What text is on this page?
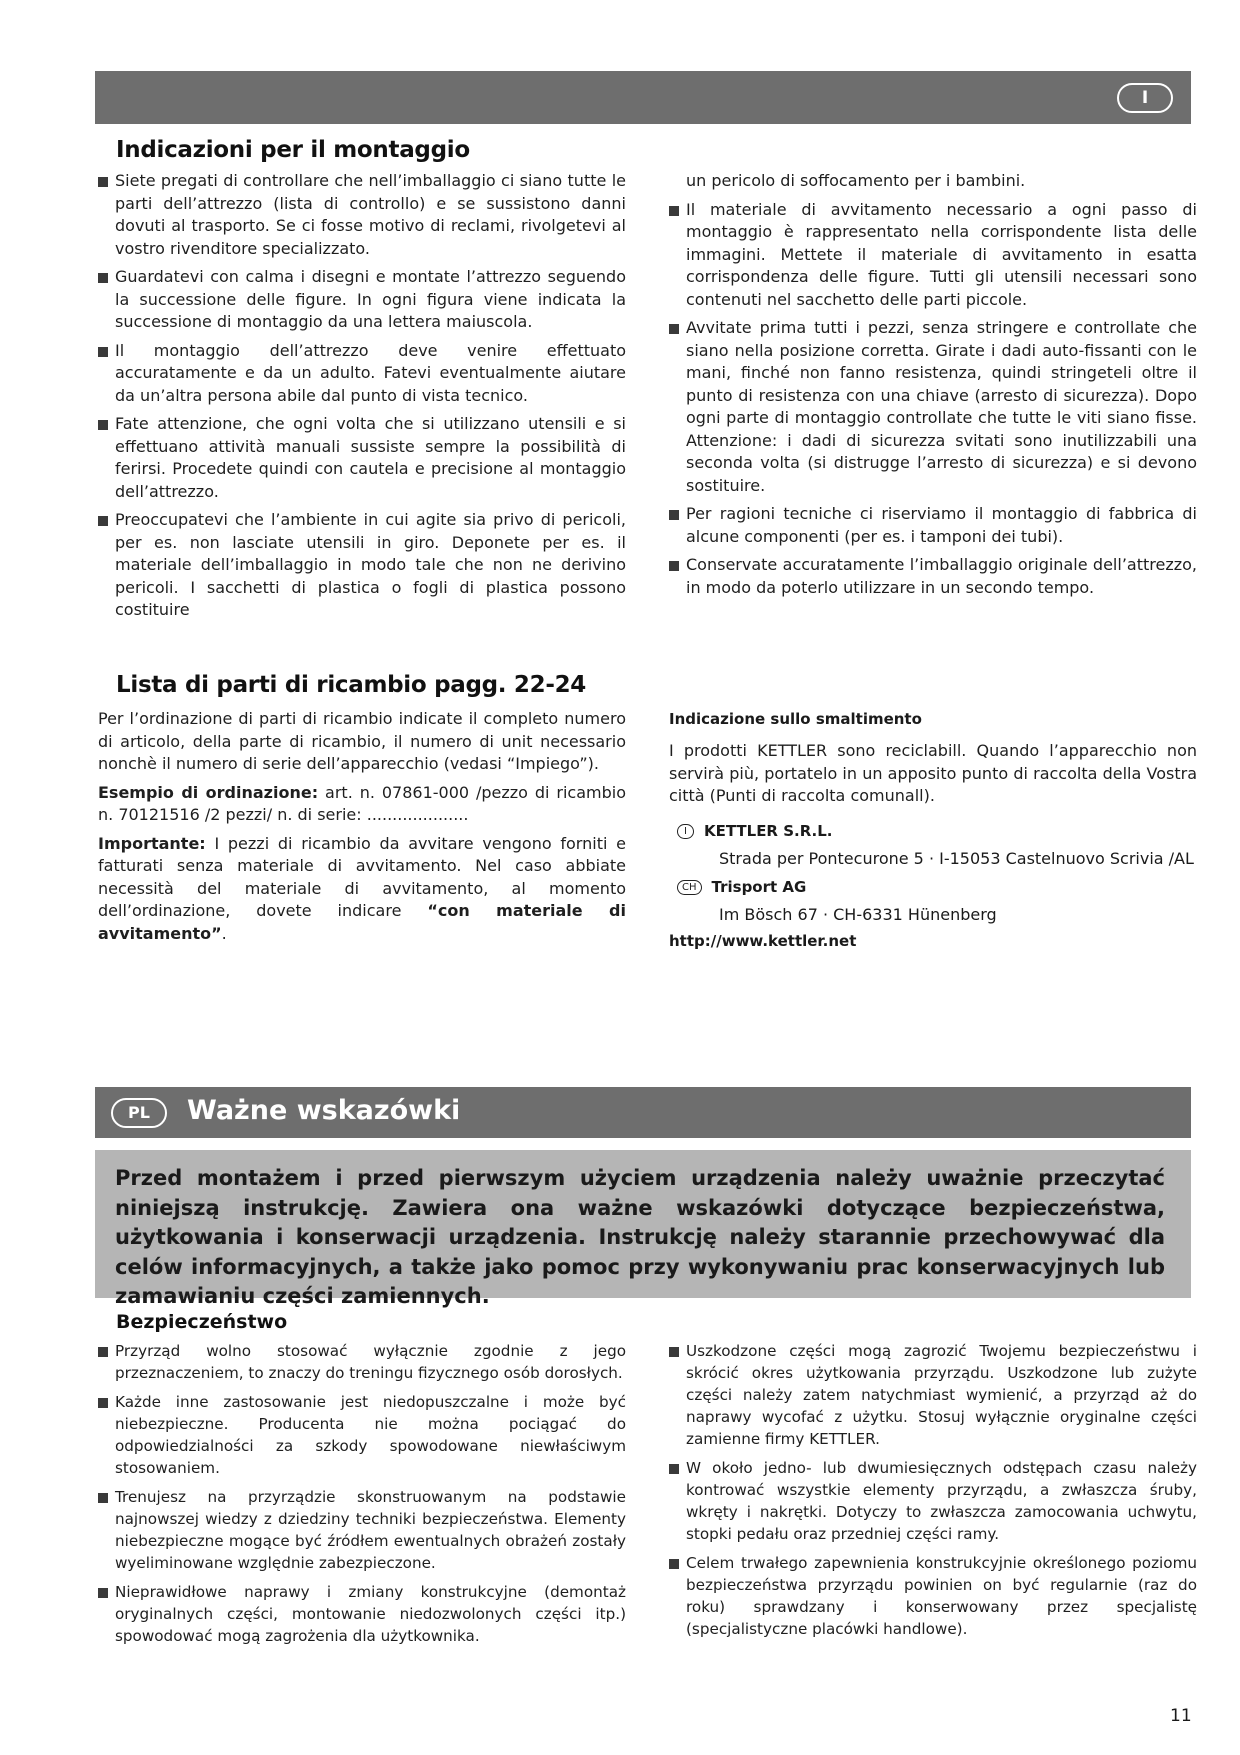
I
Indicazioni per il montaggio
Siete pregati di controllare che nell’imballaggio ci siano tutte le parti dell’attrezzo (lista di controllo) e se sussistono danni dovuti al trasporto. Se ci fosse motivo di reclami, rivolgetevi al vostro rivenditore specializzato.
Guardatevi con calma i disegni e montate l’attrezzo seguendo la successione delle figure. In ogni figura viene indicata la successione di montaggio da una lettera maiuscola.
Il montaggio dell’attrezzo deve venire effettuato accuratamente e da un adulto. Fatevi eventualmente aiutare da un’altra persona abile dal punto di vista tecnico.
Fate attenzione, che ogni volta che si utilizzano utensili e si effettuano attività manuali sussiste sempre la possibilità di ferirsi. Procedete quindi con cautela e precisione al montaggio dell’attrezzo.
Preoccupatevi che l’ambiente in cui agite sia privo di pericoli, per es. non lasciate utensili in giro. Deponete per es. il materiale dell’imballaggio in modo tale che non ne derivino pericoli. I sacchetti di plastica o fogli di plastica possono costituire

un pericolo di soffocamento per i bambini.

Il materiale di avvitamento necessario a ogni passo di montaggio è rappresentato nella corrispondente lista delle immagini. Mettete il materiale di avvitamento in esatta corrispondenza delle figure. Tutti gli utensili necessari sono contenuti nel sacchetto delle parti piccole.
Avvitate prima tutti i pezzi, senza stringere e controllate che siano nella posizione corretta. Girate i dadi auto-fissanti con le mani, finché non fanno resistenza, quindi stringeteli oltre il punto di resistenza con una chiave (arresto di sicurezza). Dopo ogni parte di montaggio controllate che tutte le viti siano fisse. Attenzione: i dadi di sicurezza svitati sono inutilizzabili una seconda volta (si distrugge l’arresto di sicurezza) e si devono sostituire.
Per ragioni tecniche ci riserviamo il montaggio di fabbrica di alcune componenti (per es. i tamponi dei tubi).
Conservate accuratamente l’imballaggio originale dell’attrezzo, in modo da poterlo utilizzare in un secondo tempo.
Lista di parti di ricambio pagg. 22-24

Per l’ordinazione di parti di ricambio indicate il completo numero di articolo, della parte di ricambio, il numero di unit necessario nonchè il numero di serie dell’apparecchio (vedasi “Impiego”).

Esempio di ordinazione: art. n. 07861-000 /pezzo di ricambio n. 70121516 /2 pezzi/ n. di serie: ....................

Importante: I pezzi di ricambio da avvitare vengono forniti e fatturati senza materiale di avvitamento. Nel caso abbiate necessità del materiale di avvitamento, al momento dell’ordinazione, dovete indicare “con materiale di avvitamento”.

Indicazione sullo smaltimento

I prodotti KETTLER sono reciclabill. Quando l’apparecchio non servirà più, portatelo in un apposito punto di raccolta della Vostra città (Punti di raccolta comunall).

I KETTLER S.R.L.
Strada per Pontecurone 5 · I-15053 Castelnuovo Scrivia /AL
CH Trisport AG
Im Bösch 67 · CH-6331 Hünenberg
http://www.kettler.net
PL	Ważne wskazówki
Przed montażem i przed pierwszym użyciem urządzenia należy uważnie przeczytać niniejszą instrukcję. Zawiera ona ważne wskazówki dotyczące bezpieczeństwa, użytkowania i konserwacji urządzenia. Instrukcję należy starannie przechowywać dla celów informacyjnych, a także jako pomoc przy wykonywaniu prac konserwacyjnych lub zamawianiu części zamiennych.
Bezpieczeństwo
Przyrząd wolno stosować wyłącznie zgodnie z jego przeznaczeniem, to znaczy do treningu fizycznego osób dorosłych.
Każde inne zastosowanie jest niedopuszczalne i może być niebezpieczne. Producenta nie można pociągać do odpowiedzialności za szkody spowodowane niewłaściwym stosowaniem.
Trenujesz na przyrządzie skonstruowanym na podstawie najnowszej wiedzy z dziedziny techniki bezpieczeństwa. Elementy niebezpieczne mogące być źródłem ewentualnych obrażeń zostały wyeliminowane względnie zabezpieczone.
Nieprawidłowe naprawy i zmiany konstrukcyjne (demontaż oryginalnych części, montowanie niedozwolonych części itp.) spowodować mogą zagrożenia dla użytkownika.
Uszkodzone części mogą zagrozić Twojemu bezpieczeństwu i skrócić okres użytkowania przyrządu. Uszkodzone lub zużyte części należy zatem natychmiast wymienić, a przyrząd aż do naprawy wycofać z użytku. Stosuj wyłącznie oryginalne części zamienne firmy KETTLER.
W około jedno- lub dwumiesięcznych odstępach czasu należy kontrować wszystkie elementy przyrządu, a zwłaszcza śruby, wkręty i nakrętki. Dotyczy to zwłaszcza zamocowania uchwytu, stopki pedału oraz przedniej części ramy.
Celem trwałego zapewnienia konstrukcyjnie określonego poziomu bezpieczeństwa przyrządu powinien on być regularnie (raz do roku) sprawdzany i konserwowany przez specjalistę (specjalistyczne placówki handlowe).
11
